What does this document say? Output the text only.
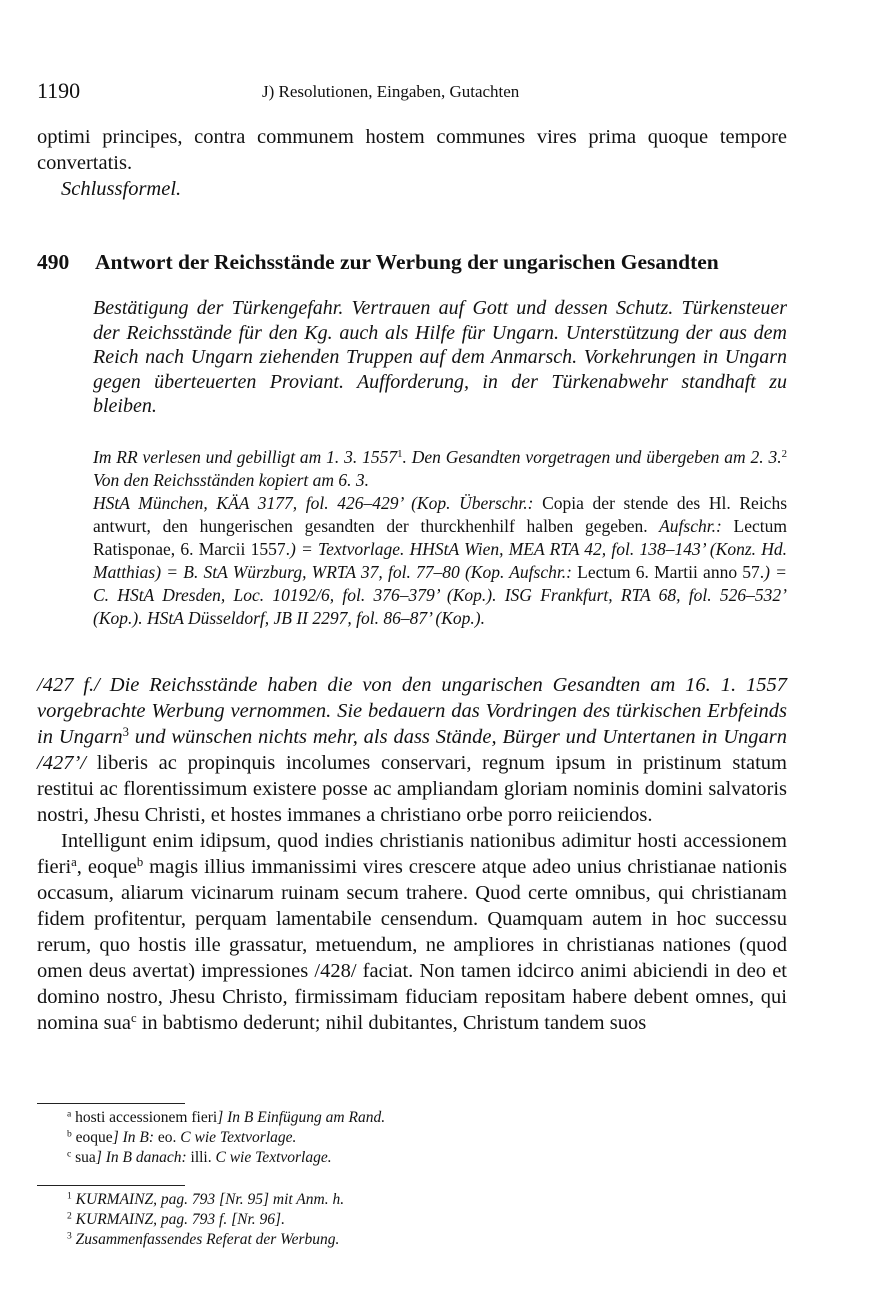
1190	J) Resolutionen, Eingaben, Gutachten

optimi principes, contra communem hostem communes vires prima quoque tempore convertatis.

Schlussformel.

490 Antwort der Reichsstände zur Werbung der ungarischen Gesandten
Bestätigung der Türkengefahr. Vertrauen auf Gott und dessen Schutz. Türkensteuer der Reichsstände für den Kg. auch als Hilfe für Ungarn. Unterstützung der aus dem Reich nach Ungarn ziehenden Truppen auf dem Anmarsch. Vorkehrungen in Ungarn gegen überteuerten Proviant. Aufforderung, in der Türkenabwehr standhaft zu bleiben.
Im RR verlesen und gebilligt am 1. 3. 1557$^1$. Den Gesandten vorgetragen und übergeben am 2. 3.$^2$ Von den Reichsständen kopiert am 6. 3.
HStA München, KÄA 3177, fol. 426–429’ (Kop. Überschr.: Copia der stende des Hl. Reichs antwurt, den hungerischen gesandten der thurckhenhilf halben gegeben. Aufschr.: Lectum Ratisponae, 6. Marcii 1557.) = Textvorlage. HHStA Wien, MEA RTA 42, fol. 138–143’ (Konz. Hd. Matthias) = B. StA Würzburg, WRTA 37, fol. 77–80 (Kop. Aufschr.: Lectum 6. Martii anno 57.) = C. HStA Dresden, Loc. 10192/6, fol. 376–379’ (Kop.). ISG Frankfurt, RTA 68, fol. 526–532’ (Kop.). HStA Düsseldorf, JB II 2297, fol. 86–87’ (Kop.).

/427 f./ Die Reichsstände haben die von den ungarischen Gesandten am 16. 1. 1557 vorgebrachte Werbung vernommen. Sie bedauern das Vordringen des türkischen Erbfeinds in Ungarn$^3$ und wünschen nichts mehr, als dass Stände, Bürger und Untertanen in Ungarn /427’/ liberis ac propinquis incolumes conservari, regnum ipsum in pristinum statum restitui ac florentissimum existere posse ac ampliandam gloriam nominis domini salvatoris nostri, Jhesu Christi, et hostes immanes a christiano orbe porro reiiciendos.

Intelligunt enim idipsum, quod indies christianis nationibus adimitur hosti accessionem fieri$^a$, eoque$^b$ magis illius immanissimi vires crescere atque adeo unius christianae nationis occasum, aliarum vicinarum ruinam secum trahere. Quod certe omnibus, qui christianam fidem profitentur, perquam lamentabile censendum. Quamquam autem in hoc successu rerum, quo hostis ille grassatur, metuendum, ne ampliores in christianas nationes (quod omen deus avertat) impressiones /428/ faciat. Non tamen idcirco animi abiciendi in deo et domino nostro, Jhesu Christo, firmissimam fiduciam repositam habere debent omnes, qui nomina sua$^c$ in babtismo dederunt; nihil dubitantes, Christum tandem suos

$^a$ hosti accessionem fieri] In B Einfügung am Rand.
$^b$ eoque] In B: eo. C wie Textvorlage.
$^c$ sua] In B danach: illi. C wie Textvorlage.
$^1$ KURMAINZ, pag. 793 [Nr. 95] mit Anm. h.
$^2$ KURMAINZ, pag. 793 f. [Nr. 96].
$^3$ Zusammenfassendes Referat der Werbung.
